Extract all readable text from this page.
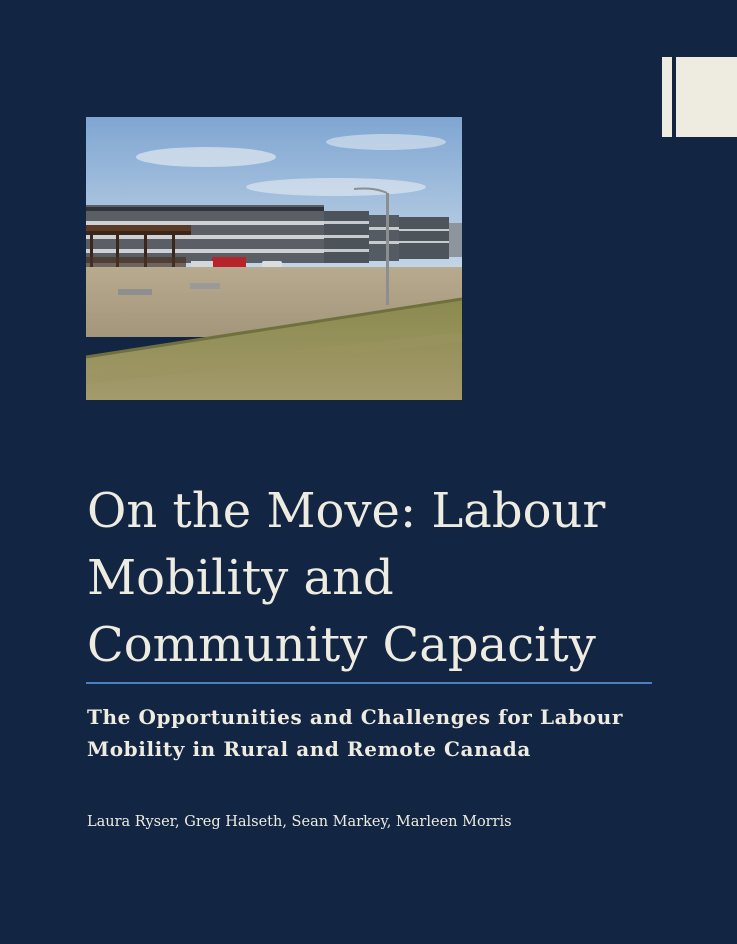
On the Move: Labour
Mobility and
Community Capacity
The Opportunities and Challenges for Labour
Mobility in Rural and Remote Canada

Laura Ryser, Greg Halseth, Sean Markey, Marleen Morris
